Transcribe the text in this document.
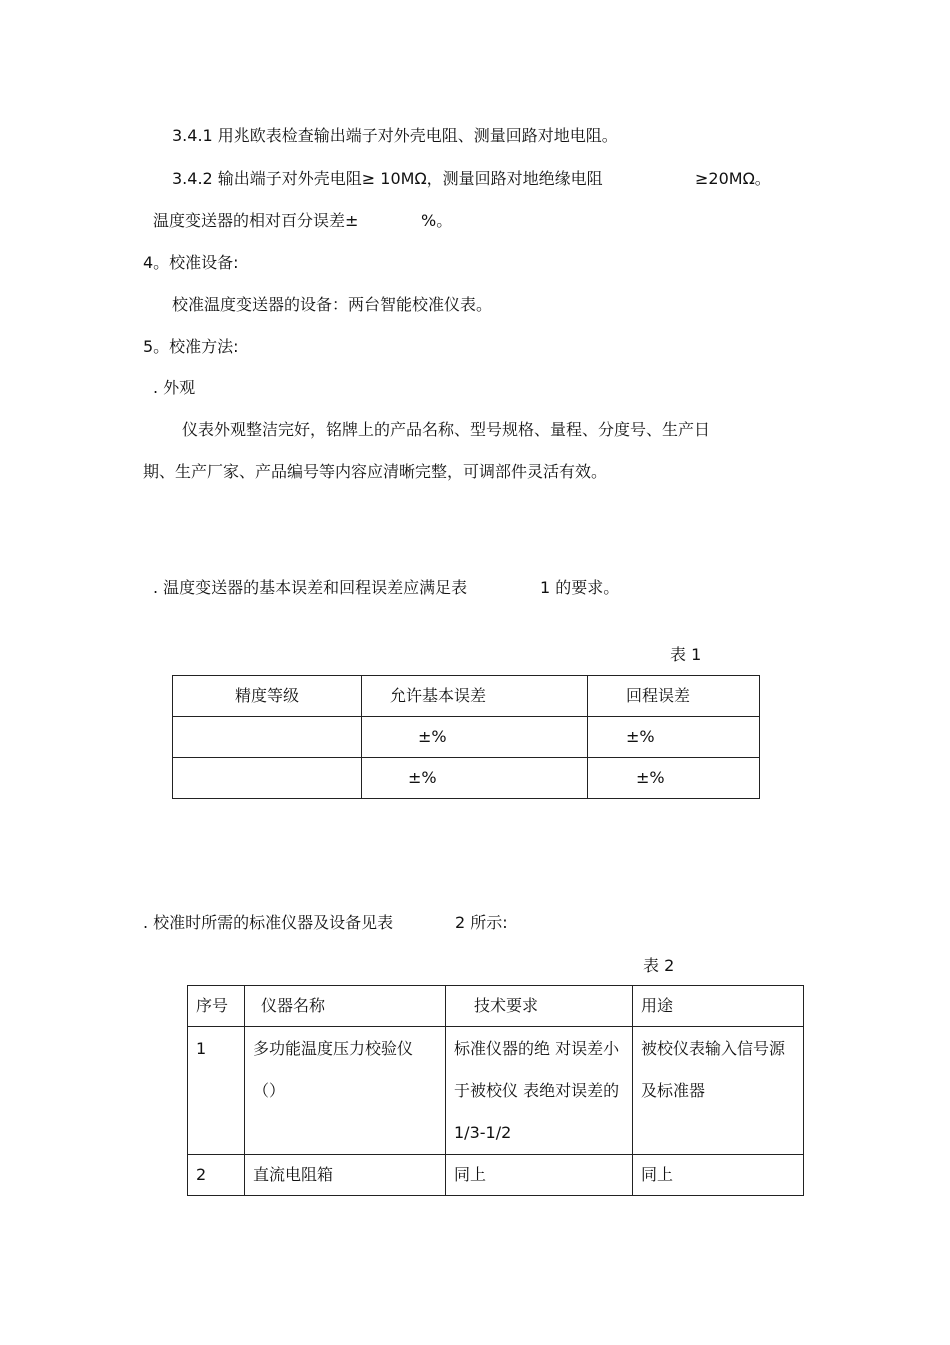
3.4.1 用兆欧表检查输出端子对外壳电阻、测量回路对地电阻。
3.4.2 输出端子对外壳电阻≥ 10MΩ，测量回路对地绝缘电阻	≥20MΩ。
温度变送器的相对百分误差±	%。
4。校准设备:
校准温度变送器的设备：两台智能校准仪表。
5。校准方法:
. 外观
仪表外观整洁完好，铭牌上的产品名称、型号规格、量程、分度号、生产日
期、生产厂家、产品编号等内容应清晰完整，可调部件灵活有效。
. 温度变送器的基本误差和回程误差应满足表	1 的要求。
表 1
精度等级	允许基本误差	回程误差
	±%	±%
	±%	±%
. 校准时所需的标准仪器及设备见表	2 所示:
表 2
序号	仪器名称	技术要求	用途
1	多功能温度压力校验仪（）	标准仪器的绝 对误差小于被校仪 表绝对误差的 1/3-1/2	被校仪表输入信号源及标准器
2	直流电阻箱	同上	同上
